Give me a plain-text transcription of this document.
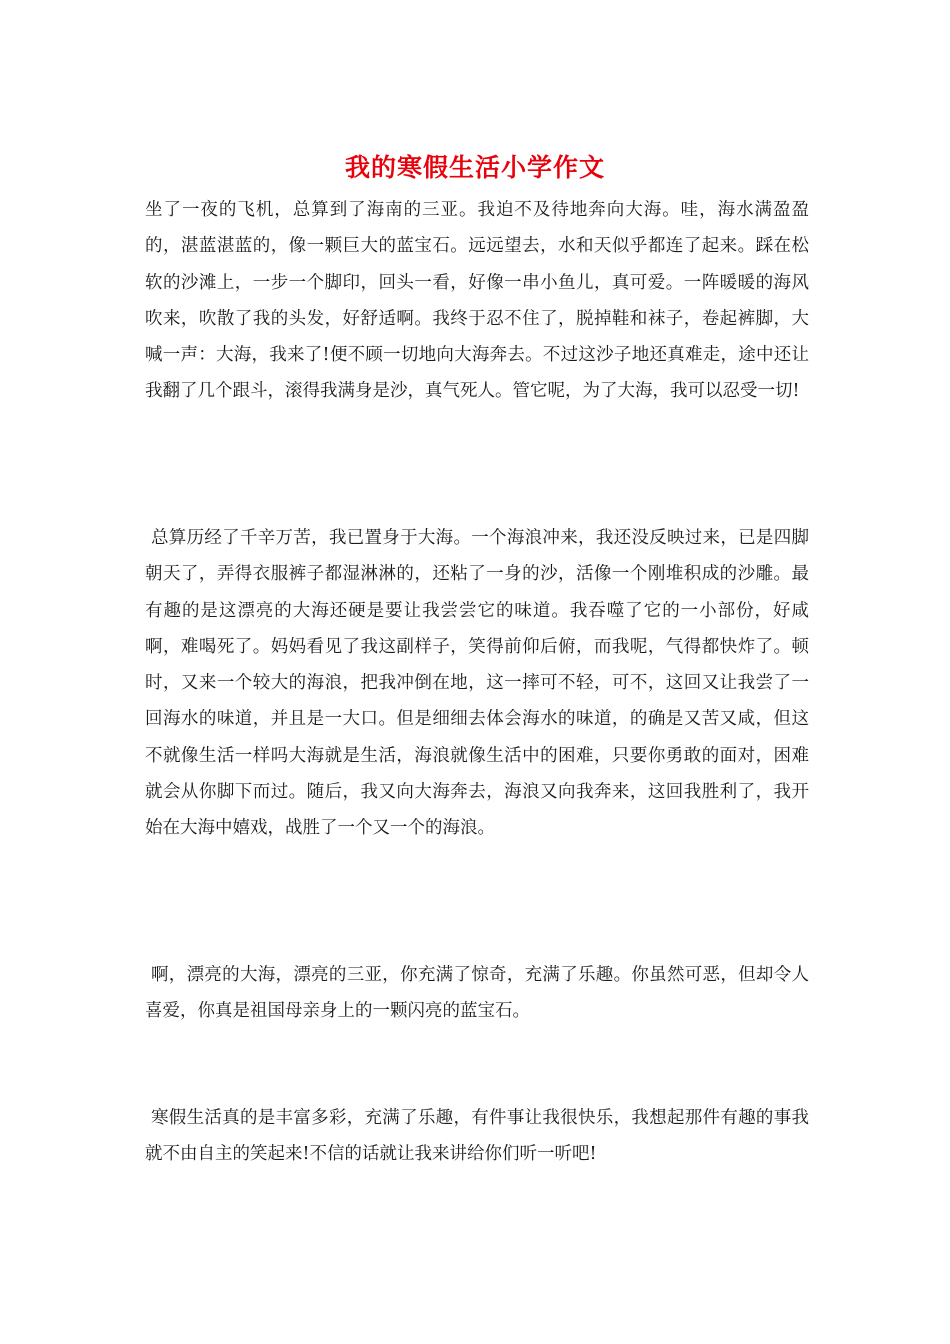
我的寒假生活小学作文

坐了一夜的飞机，总算到了海南的三亚。我迫不及待地奔向大海。哇，海水满盈盈的，湛蓝湛蓝的，像一颗巨大的蓝宝石。远远望去，水和天似乎都连了起来。踩在松软的沙滩上，一步一个脚印，回头一看，好像一串小鱼儿，真可爱。一阵暖暖的海风吹来，吹散了我的头发，好舒适啊。我终于忍不住了，脱掉鞋和袜子，卷起裤脚，大喊一声：大海，我来了!便不顾一切地向大海奔去。不过这沙子地还真难走，途中还让我翻了几个跟斗，滚得我满身是沙，真气死人。管它呢，为了大海，我可以忍受一切!

总算历经了千辛万苦，我已置身于大海。一个海浪冲来，我还没反映过来，已是四脚朝天了，弄得衣服裤子都湿淋淋的，还粘了一身的沙，活像一个刚堆积成的沙雕。最有趣的是这漂亮的大海还硬是要让我尝尝它的味道。我吞噬了它的一小部份，好咸啊，难喝死了。妈妈看见了我这副样子，笑得前仰后俯，而我呢，气得都快炸了。顿时，又来一个较大的海浪，把我冲倒在地，这一摔可不轻，可不，这回又让我尝了一回海水的味道，并且是一大口。但是细细去体会海水的味道，的确是又苦又咸，但这不就像生活一样吗大海就是生活，海浪就像生活中的困难，只要你勇敢的面对，困难就会从你脚下而过。随后，我又向大海奔去，海浪又向我奔来，这回我胜利了，我开始在大海中嬉戏，战胜了一个又一个的海浪。

啊，漂亮的大海，漂亮的三亚，你充满了惊奇，充满了乐趣。你虽然可恶，但却令人喜爱，你真是祖国母亲身上的一颗闪亮的蓝宝石。

寒假生活真的是丰富多彩，充满了乐趣，有件事让我很快乐，我想起那件有趣的事我就不由自主的笑起来!不信的话就让我来讲给你们听一听吧!
